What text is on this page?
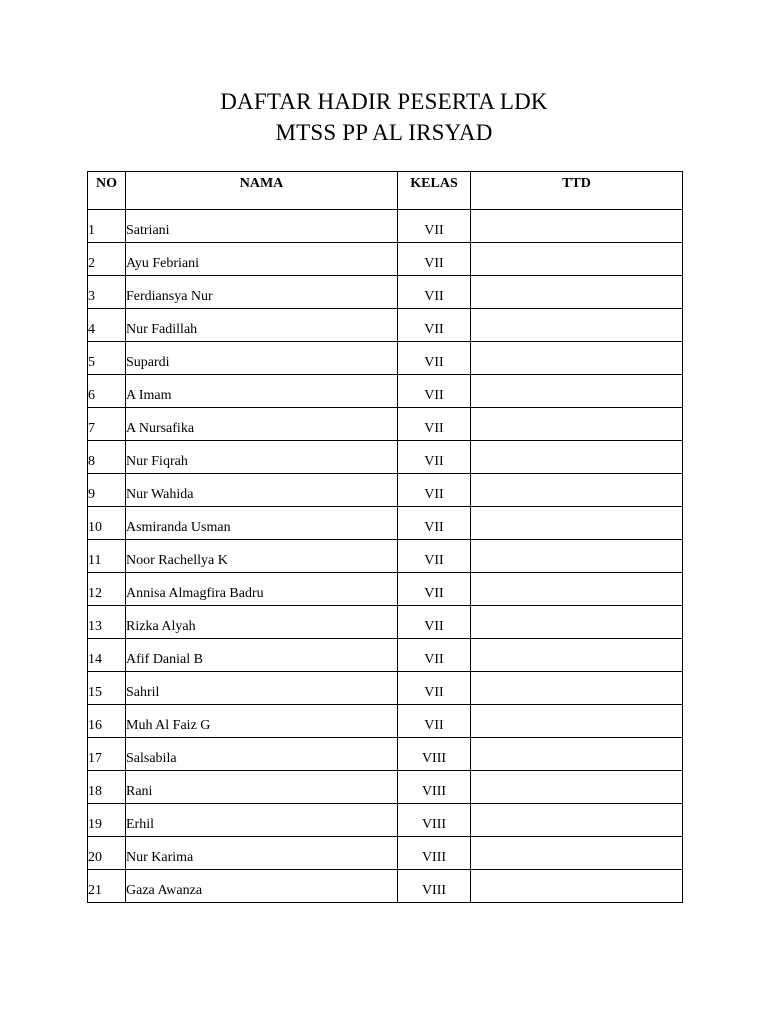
DAFTAR HADIR PESERTA LDK
MTSS PP AL IRSYAD
NO	NAMA	KELAS	TTD
1	Satriani	VII	
2	Ayu Febriani	VII	
3	Ferdiansya Nur	VII	
4	Nur Fadillah	VII	
5	Supardi	VII	
6	A Imam	VII	
7	A Nursafika	VII	
8	Nur Fiqrah	VII	
9	Nur Wahida	VII	
10	Asmiranda Usman	VII	
11	Noor Rachellya K	VII	
12	Annisa Almagfira Badru	VII	
13	Rizka Alyah	VII	
14	Afif Danial B	VII	
15	Sahril	VII	
16	Muh Al Faiz G	VII	
17	Salsabila	VIII	
18	Rani	VIII	
19	Erhil	VIII	
20	Nur Karima	VIII	
21	Gaza Awanza	VIII	
